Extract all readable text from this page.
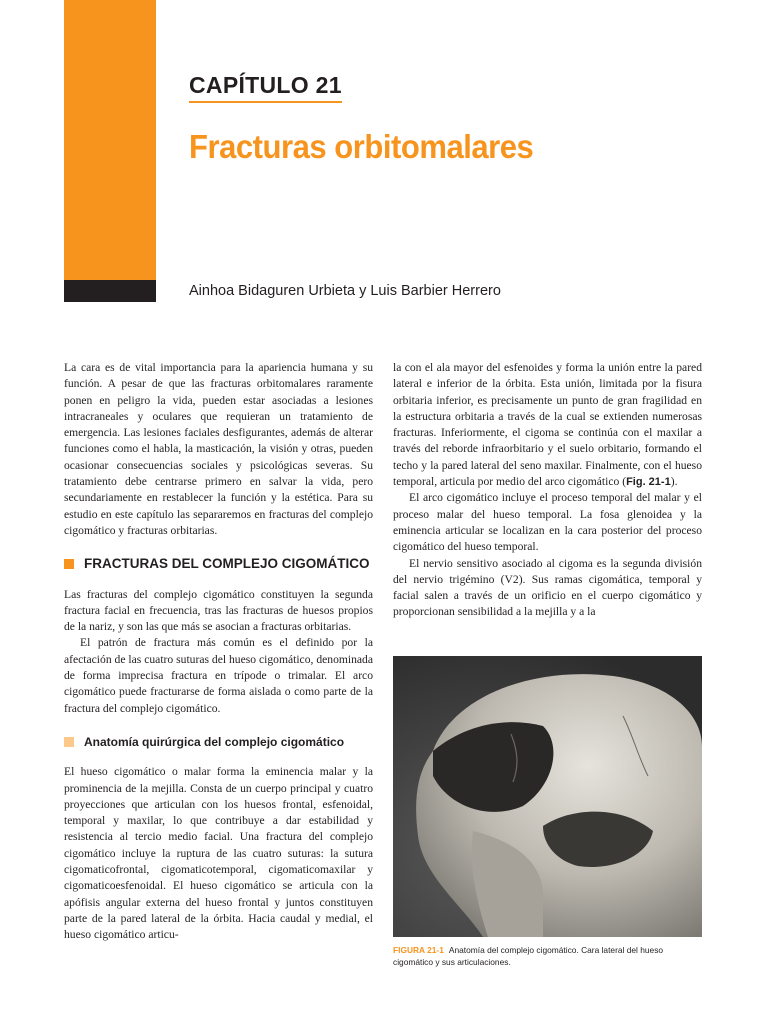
CAPÍTULO 21
Fracturas orbitomalares
Ainhoa Bidaguren Urbieta y Luis Barbier Herrero

La cara es de vital importancia para la apariencia humana y su función. A pesar de que las fracturas orbitomalares raramente ponen en peligro la vida, pueden estar asociadas a lesiones intracraneales y oculares que requieran un tratamiento de emergencia. Las lesiones faciales desfigurantes, además de alterar funciones como el habla, la masticación, la visión y otras, pueden ocasionar consecuencias sociales y psicológicas severas. Su tratamiento debe centrarse primero en salvar la vida, pero secundariamente en restablecer la función y la estética. Para su estudio en este capítulo las separaremos en fracturas del complejo cigomático y fracturas orbitarias.

FRACTURAS DEL COMPLEJO CIGOMÁTICO

Las fracturas del complejo cigomático constituyen la segunda fractura facial en frecuencia, tras las fracturas de huesos propios de la nariz, y son las que más se asocian a fracturas orbitarias.

El patrón de fractura más común es el definido por la afectación de las cuatro suturas del hueso cigomático, denominada de forma imprecisa fractura en trípode o trimalar. El arco cigomático puede fracturarse de forma aislada o como parte de la fractura del complejo cigomático.

Anatomía quirúrgica del complejo cigomático

El hueso cigomático o malar forma la eminencia malar y la prominencia de la mejilla. Consta de un cuerpo principal y cuatro proyecciones que articulan con los huesos frontal, esfenoidal, temporal y maxilar, lo que contribuye a dar estabilidad y resistencia al tercio medio facial. Una fractura del complejo cigomático incluye la ruptura de las cuatro suturas: la sutura cigomaticofrontal, cigomaticotemporal, cigomaticomaxilar y cigomaticoesfenoidal. El hueso cigomático se articula con la apófisis angular externa del hueso frontal y juntos constituyen parte de la pared lateral de la órbita. Hacia caudal y medial, el hueso cigomático articu-

la con el ala mayor del esfenoides y forma la unión entre la pared lateral e inferior de la órbita. Esta unión, limitada por la fisura orbitaria inferior, es precisamente un punto de gran fragilidad en la estructura orbitaria a través de la cual se extienden numerosas fracturas. Inferiormente, el cigoma se continúa con el maxilar a través del reborde infraorbitario y el suelo orbitario, formando el techo y la pared lateral del seno maxilar. Finalmente, con el hueso temporal, articula por medio del arco cigomático (Fig. 21-1).

El arco cigomático incluye el proceso temporal del malar y el proceso malar del hueso temporal. La fosa glenoidea y la eminencia articular se localizan en la cara posterior del proceso cigomático del hueso temporal.

El nervio sensitivo asociado al cigoma es la segunda división del nervio trigémino (V2). Sus ramas cigomática, temporal y facial salen a través de un orificio en el cuerpo cigomático y proporcionan sensibilidad a la mejilla y a la

FIGURA 21-1 Anatomía del complejo cigomático. Cara lateral del hueso cigomático y sus articulaciones.
